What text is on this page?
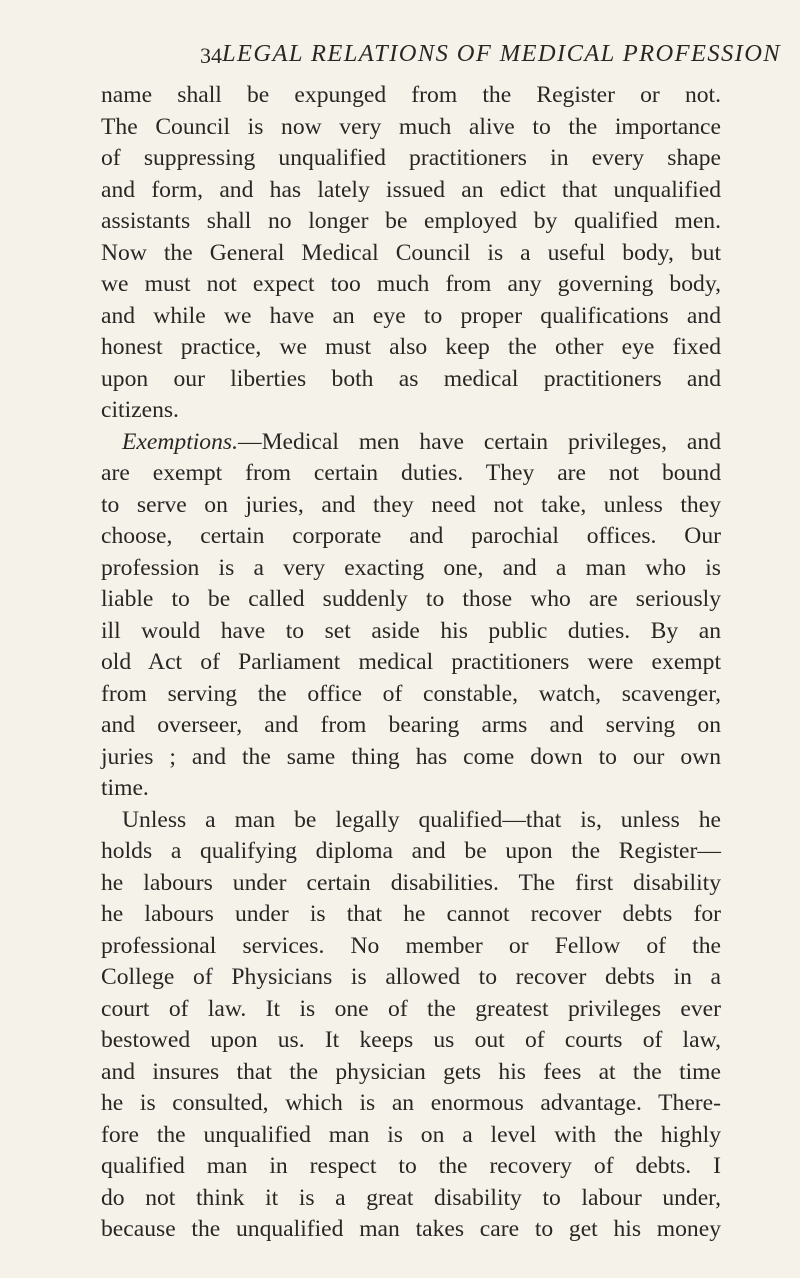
34 LEGAL RELATIONS OF MEDICAL PROFESSION
name shall be expunged from the Register or not.
The Council is now very much alive to the importance
of suppressing unqualified practitioners in every shape
and form, and has lately issued an edict that unqualified
assistants shall no longer be employed by qualified men.
Now the General Medical Council is a useful body, but
we must not expect too much from any governing body,
and while we have an eye to proper qualifications and
honest practice, we must also keep the other eye fixed
upon our liberties both as medical practitioners and
citizens.
Exemptions.—Medical men have certain privileges, and
are exempt from certain duties. They are not bound
to serve on juries, and they need not take, unless they
choose, certain corporate and parochial offices. Our
profession is a very exacting one, and a man who is
liable to be called suddenly to those who are seriously
ill would have to set aside his public duties. By an
old Act of Parliament medical practitioners were exempt
from serving the office of constable, watch, scavenger,
and overseer, and from bearing arms and serving on
juries ; and the same thing has come down to our own
time.
Unless a man be legally qualified—that is, unless he
holds a qualifying diploma and be upon the Register—
he labours under certain disabilities. The first disability
he labours under is that he cannot recover debts for
professional services. No member or Fellow of the
College of Physicians is allowed to recover debts in a
court of law. It is one of the greatest privileges ever
bestowed upon us. It keeps us out of courts of law,
and insures that the physician gets his fees at the time
he is consulted, which is an enormous advantage. There-
fore the unqualified man is on a level with the highly
qualified man in respect to the recovery of debts. I
do not think it is a great disability to labour under,
because the unqualified man takes care to get his money
